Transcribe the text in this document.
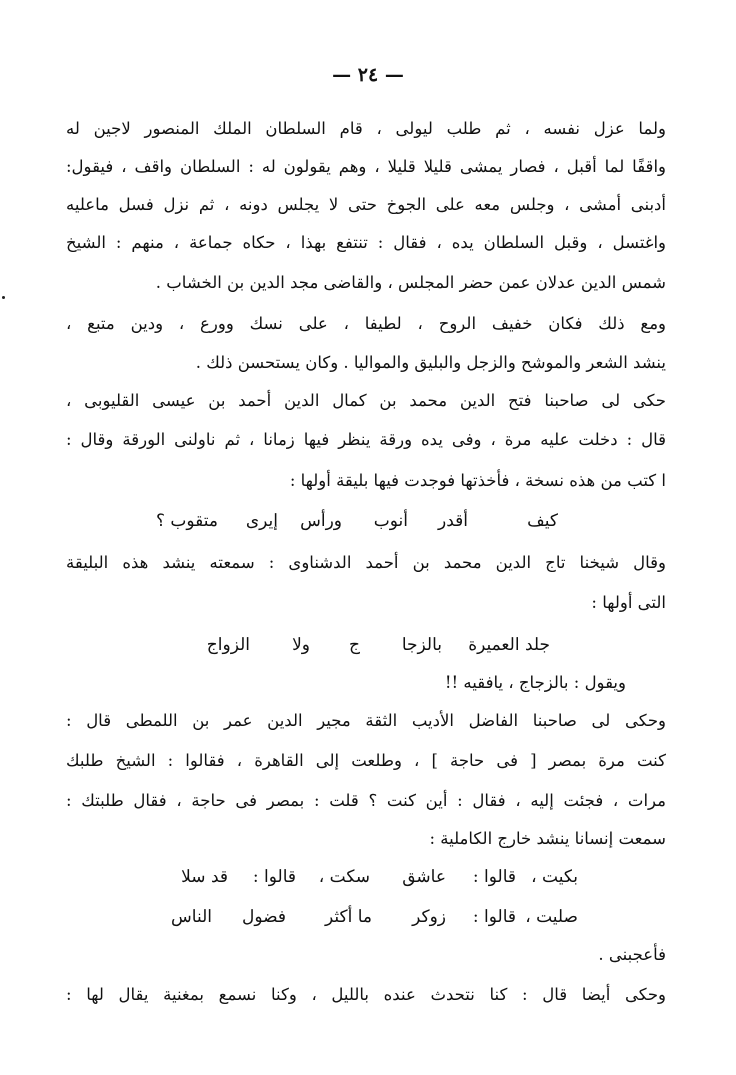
— ٢٤ —
ولما عزل نفسه ، ثم طلب ليولى ، قام السلطان الملك المنصور لاجين له
واقفًا لما أقبل ، فصار يمشى قليلا قليلا ، وهم يقولون له : السلطان واقف ، فيقول:
أدبنى أمشى ، وجلس معه على الجوخ حتى لا يجلس دونه ، ثم نزل فسل ماعليه
واغتسل ، وقبل السلطان يده ، فقال : تنتفع بهذا ، حكاه جماعة ، منهم : الشيخ
شمس الدين عدلان عمن حضر المجلس ، والقاضى مجد الدين بن الخشاب .
ومع ذلك فكان خفيف الروح ، لطيفا ، على نسك وورع ، ودين متبع ،
ينشد الشعر والموشح والزجل والبليق والمواليا . وكان يستحسن ذلك .
حكى لى صاحبنا فتح الدين محمد بن كمال الدين أحمد بن عيسى القليوبى ،
قال : دخلت عليه مرة ، وفى يده ورقة ينظر فيها زمانا ، ثم ناولنى الورقة وقال :
ا كتب من هذه نسخة ، فأخذتها فوجدت فيها بليقة أولها :
كيف
أقدر
أنوب
ورأس
إيرى
متقوب ؟
وقال شيخنا تاج الدين محمد بن أحمد الدشناوى : سمعته ينشد هذه البليقة
التى أولها :
جلد العميرة
بالزجا
ج
ولا
الزواج
ويقول : بالزجاج ، يافقيه !!
وحكى لى صاحبنا الفاضل الأديب الثقة مجير الدين عمر بن اللمطى قال :
كنت مرة بمصر [ فى حاجة ] ، وطلعت إلى القاهرة ، فقالوا : الشيخ طلبك
مرات ، فجئت إليه ، فقال : أين كنت ؟ قلت : بمصر فى حاجة ، فقال طلبتك :
سمعت إنسانا ينشد خارج الكاملية :
بكيت ،
قالوا :
عاشق
سكت ،
قالوا :
قد سلا
صليت ،
قالوا :
زوكر
ما أكثر
فضول
الناس
فأعجبنى .
وحكى أيضا قال : كنا نتحدث عنده بالليل ، وكنا نسمع بمغنية يقال لها :
